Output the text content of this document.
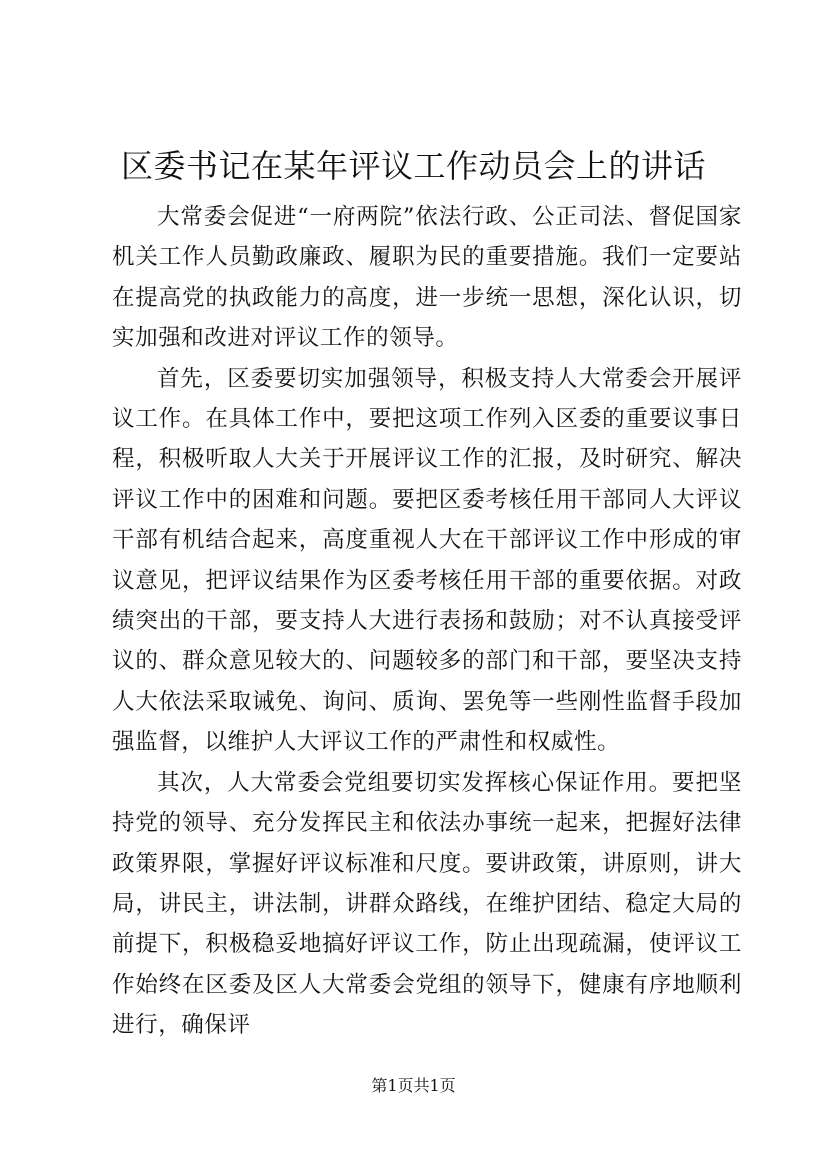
区委书记在某年评议工作动员会上的讲话

大常委会促进“一府两院”依法行政、公正司法、督促国家机关工作人员勤政廉政、履职为民的重要措施。我们一定要站在提高党的执政能力的高度，进一步统一思想，深化认识，切实加强和改进对评议工作的领导。

首先，区委要切实加强领导，积极支持人大常委会开展评议工作。在具体工作中，要把这项工作列入区委的重要议事日程，积极听取人大关于开展评议工作的汇报，及时研究、解决评议工作中的困难和问题。要把区委考核任用干部同人大评议干部有机结合起来，高度重视人大在干部评议工作中形成的审议意见，把评议结果作为区委考核任用干部的重要依据。对政绩突出的干部，要支持人大进行表扬和鼓励；对不认真接受评议的、群众意见较大的、问题较多的部门和干部，要坚决支持人大依法采取诫免、询问、质询、罢免等一些刚性监督手段加强监督，以维护人大评议工作的严肃性和权威性。

其次，人大常委会党组要切实发挥核心保证作用。要把坚持党的领导、充分发挥民主和依法办事统一起来，把握好法律政策界限，掌握好评议标准和尺度。要讲政策，讲原则，讲大局，讲民主，讲法制，讲群众路线，在维护团结、稳定大局的前提下，积极稳妥地搞好评议工作，防止出现疏漏，使评议工作始终在区委及区人大常委会党组的领导下，健康有序地顺利进行，确保评

第1页共1页
